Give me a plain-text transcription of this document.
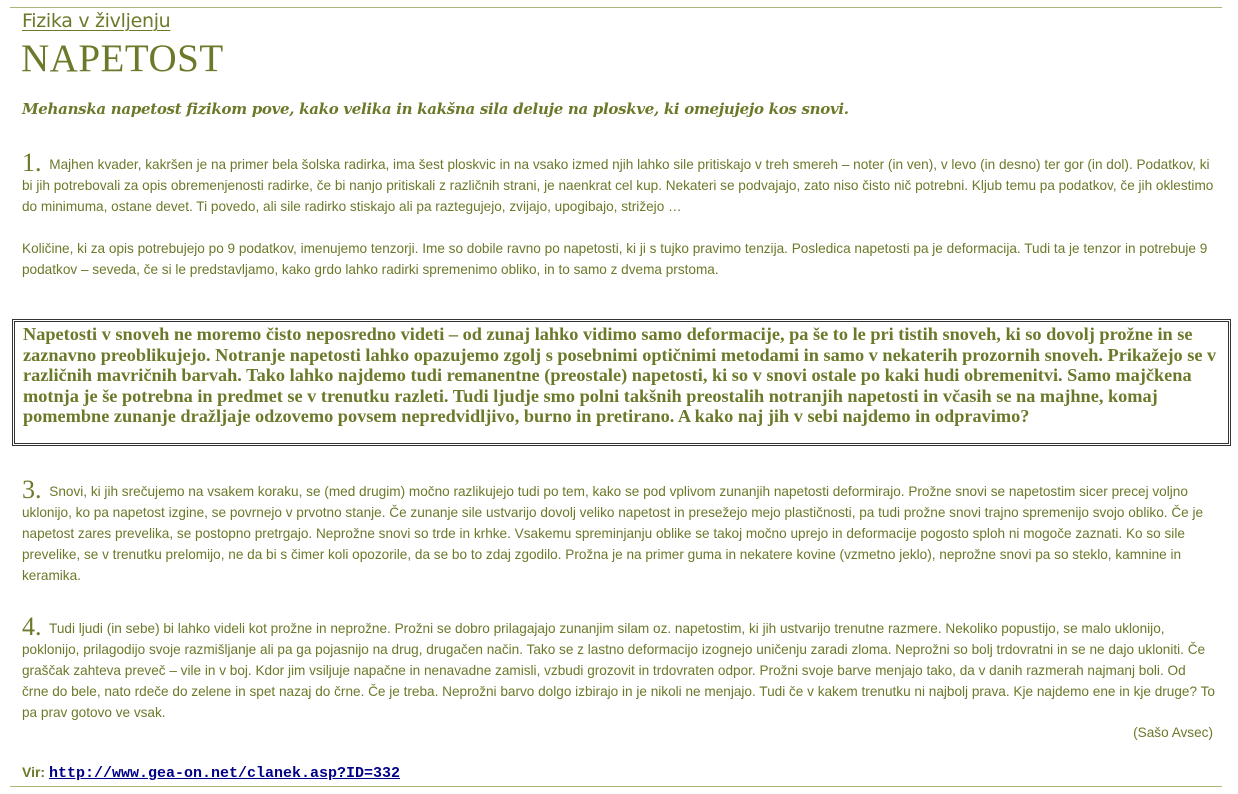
Fizika v življenju
NAPETOST

Mehanska napetost fizikom pove, kako velika in kakšna sila deluje na ploskve, ki omejujejo kos snovi.

1. Majhen kvader, kakršen je na primer bela šolska radirka, ima šest ploskvic in na vsako izmed njih lahko sile pritiskajo v treh smereh – noter (in ven), v levo (in desno) ter gor (in dol). Podatkov, ki bi jih potrebovali za opis obremenjenosti radirke, če bi nanjo pritiskali z različnih strani, je naenkrat cel kup. Nekateri se podvajajo, zato niso čisto nič potrebni. Kljub temu pa podatkov, če jih oklestimo do minimuma, ostane devet. Ti povedo, ali sile radirko stiskajo ali pa raztegujejo, zvijajo, upogibajo, strižejo …

Količine, ki za opis potrebujejo po 9 podatkov, imenujemo tenzorji. Ime so dobile ravno po napetosti, ki ji s tujko pravimo tenzija. Posledica napetosti pa je deformacija. Tudi ta je tenzor in potrebuje 9 podatkov – seveda, če si le predstavljamo, kako grdo lahko radirki spremenimo obliko, in to samo z dvema prstoma.

Napetosti v snoveh ne moremo čisto neposredno videti – od zunaj lahko vidimo samo deformacije, pa še to le pri tistih snoveh, ki so dovolj prožne in se zaznavno preoblikujejo. Notranje napetosti lahko opazujemo zgolj s posebnimi optičnimi metodami in samo v nekaterih prozornih snoveh. Prikažejo se v različnih mavričnih barvah. Tako lahko najdemo tudi remanentne (preostale) napetosti, ki so v snovi ostale po kaki hudi obremenitvi. Samo majčkena motnja je še potrebna in predmet se v trenutku razleti. Tudi ljudje smo polni takšnih preostalih notranjih napetosti in včasih se na majhne, komaj pomembne zunanje dražljaje odzovemo povsem nepredvidljivo, burno in pretirano. A kako naj jih v sebi najdemo in odpravimo?

3. Snovi, ki jih srečujemo na vsakem koraku, se (med drugim) močno razlikujejo tudi po tem, kako se pod vplivom zunanjih napetosti deformirajo. Prožne snovi se napetostim sicer precej voljno uklonijo, ko pa napetost izgine, se povrnejo v prvotno stanje. Če zunanje sile ustvarijo dovolj veliko napetost in presežejo mejo plastičnosti, pa tudi prožne snovi trajno spremenijo svojo obliko. Če je napetost zares prevelika, se postopno pretrgajo. Neprožne snovi so trde in krhke. Vsakemu spreminjanju oblike se takoj močno uprejo in deformacije pogosto sploh ni mogoče zaznati. Ko so sile prevelike, se v trenutku prelomijo, ne da bi s čimer koli opozorile, da se bo to zdaj zgodilo. Prožna je na primer guma in nekatere kovine (vzmetno jeklo), neprožne snovi pa so steklo, kamnine in keramika.

4. Tudi ljudi (in sebe) bi lahko videli kot prožne in neprožne. Prožni se dobro prilagajajo zunanjim silam oz. napetostim, ki jih ustvarijo trenutne razmere. Nekoliko popustijo, se malo uklonijo, poklonijo, prilagodijo svoje razmišljanje ali pa ga pojasnijo na drug, drugačen način. Tako se z lastno deformacijo izognejo uničenju zaradi zloma. Neprožni so bolj trdovratni in se ne dajo ukloniti. Če graščak zahteva preveč – vile in v boj. Kdor jim vsiljuje napačne in nenavadne zamisli, vzbudi grozovit in trdovraten odpor. Prožni svoje barve menjajo tako, da v danih razmerah najmanj boli. Od črne do bele, nato rdeče do zelene in spet nazaj do črne. Če je treba. Neprožni barvo dolgo izbirajo in je nikoli ne menjajo. Tudi če v kakem trenutku ni najbolj prava. Kje najdemo ene in kje druge? To pa prav gotovo ve vsak.

(Sašo Avsec)
Vir: http://www.gea-on.net/clanek.asp?ID=332
